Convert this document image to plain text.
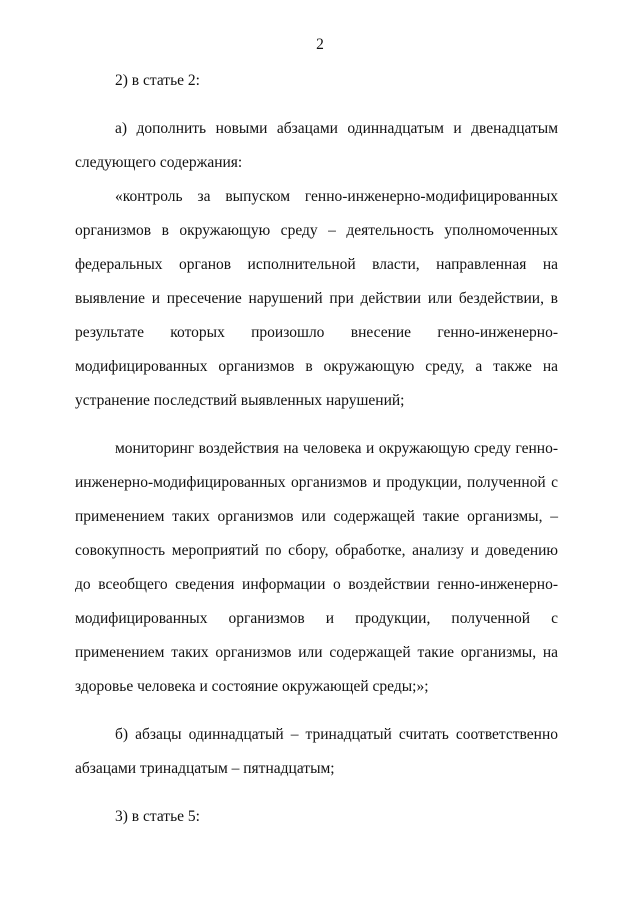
2

2) в статье 2:

а) дополнить новыми абзацами одиннадцатым и двенадцатым следующего содержания:

«контроль за выпуском генно-инженерно-модифицированных организмов в окружающую среду – деятельность уполномоченных федеральных органов исполнительной власти, направленная на выявление и пресечение нарушений при действии или бездействии, в результате которых произошло внесение генно-инженерно-модифицированных организмов в окружающую среду, а также на устранение последствий выявленных нарушений;

мониторинг воздействия на человека и окружающую среду генно-инженерно-модифицированных организмов и продукции, полученной с применением таких организмов или содержащей такие организмы, – совокупность мероприятий по сбору, обработке, анализу и доведению до всеобщего сведения информации о воздействии генно-инженерно-модифицированных организмов и продукции, полученной с применением таких организмов или содержащей такие организмы, на здоровье человека и состояние окружающей среды;»;

б) абзацы одиннадцатый – тринадцатый считать соответственно абзацами тринадцатым – пятнадцатым;

3) в статье 5:
